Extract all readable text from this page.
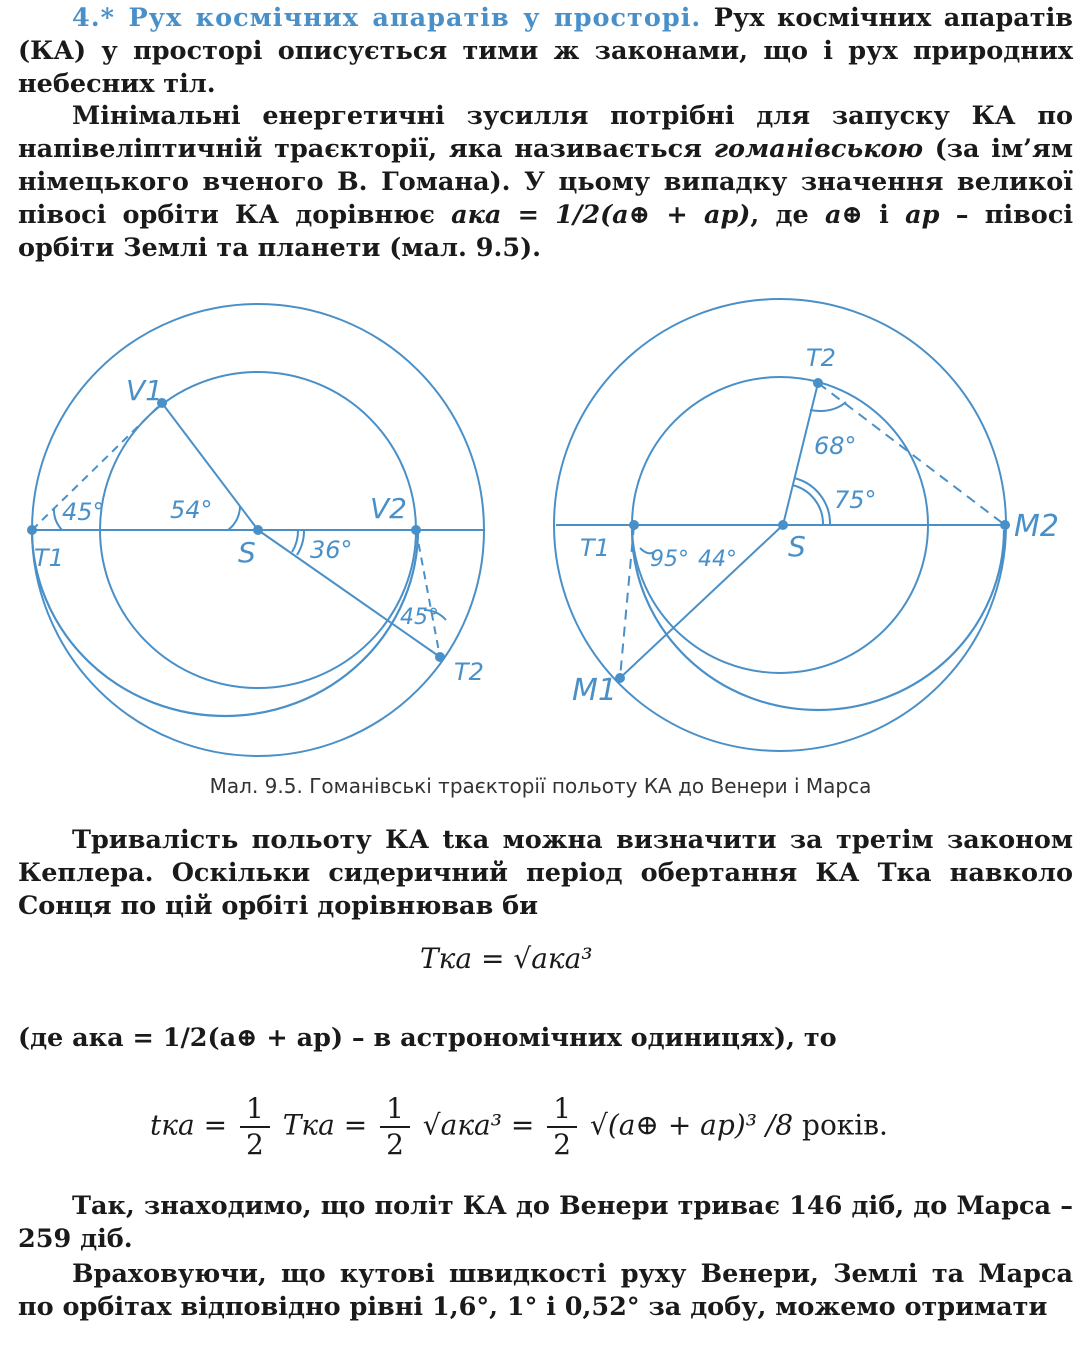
4.* Рух космічних апаратів у просторі. Рух космічних апаратів (КА) у просторі описується тими ж законами, що і рух природних небесних тіл.

Мінімальні енергетичні зусилля потрібні для запуску КА по напівеліптичній траєкторії, яка називається гоманівською (за ім’ям німецького вченого В. Гомана). У цьому випадку значення великої півосі орбіти КА дорівнює aка = 1/2(a⊕ + aр), де a⊕ і aр – півосі орбіти Землі та планети (мал. 9.5).

V1
V2
T1
T2
S
45°	54°
36°
45°
T2
M2
T1
M1
S
68°
75°
95° 44°
Мал. 9.5. Гоманівські траєкторії польоту КА до Венери і Марса

Тривалість польоту КА tка можна визначити за третім законом Кеплера. Оскільки сидеричний період обертання КА Tка навколо Сонця по цій орбіті дорівнював би

Tка = √aка³

(де aка = 1/2(a⊕ + aр) – в астрономічних одиницях), то

tка = $\frac{1}{2}$ Tка = $\frac{1}{2} √aка^3 = \frac{1}{2}$ √(a⊕ + aр)³ /8 років.

Так, знаходимо, що політ КА до Венери триває 146 діб, до Марса – 259 діб.

Враховуючи, що кутові швидкості руху Венери, Землі та Марса по орбітах відповідно рівні 1,6°, 1° і 0,52° за добу, можемо отримати
